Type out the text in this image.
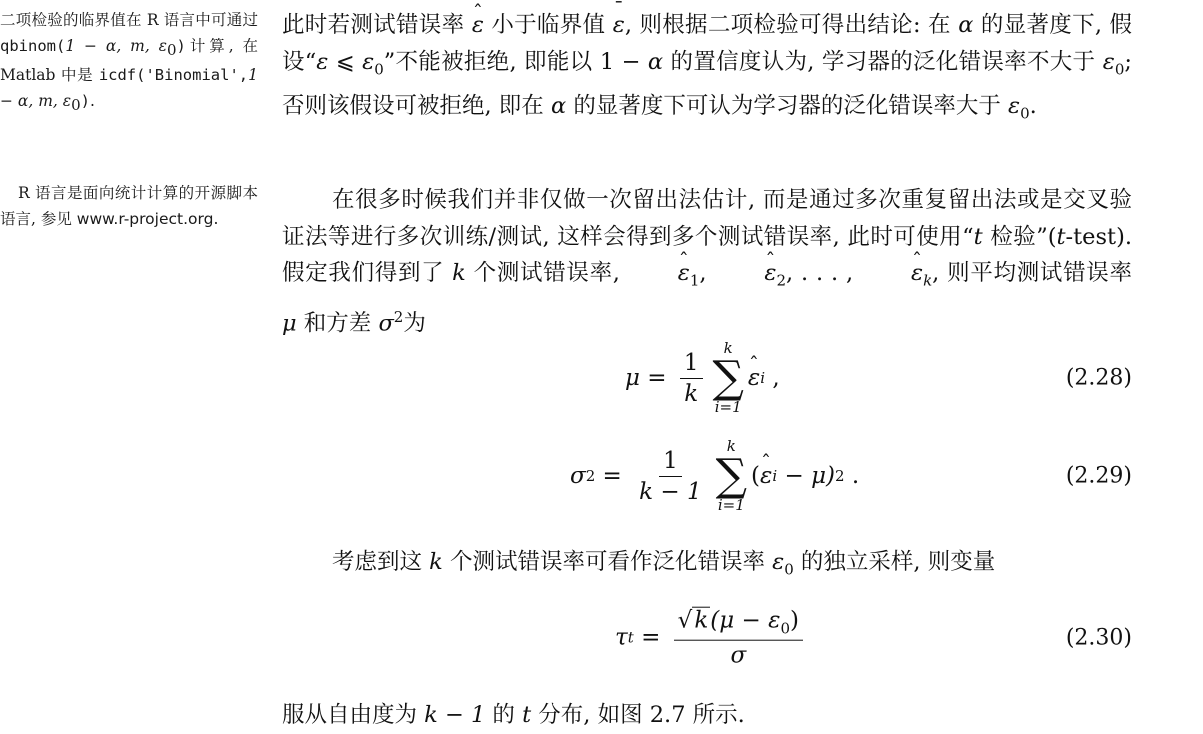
二项检验的临界值在 R 语言中可通过 qbinom(1 − α, m, $\varepsilon_0$)计算, 在 Matlab 中是 icdf('Binomial',1 − α, m, $\varepsilon_0$).
R 语言是面向统计计算的开源脚本语言, 参见 www.r-project.org.
此时若测试错误率 ε ˆ 小于临界值 ε ¯, 则根据二项检验可得出结论: 在 α 的显著度下, 假设“ε ⩽ $\varepsilon_0$”不能被拒绝, 即能以 1 − α 的置信度认为, 学习器的泛化错误率不大于 $\varepsilon_0$; 否则该假设可被拒绝, 即在 α 的显著度下可认为学习器的泛化错误率大于 $\varepsilon_0$.
在很多时候我们并非仅做一次留出法估计, 而是通过多次重复留出法或是交叉验证法等进行多次训练/测试, 这样会得到多个测试错误率, 此时可使用“t 检验”(t-test). 假定我们得到了 k 个测试错误率, ε ˆ$_1$, ε ˆ$_2$, . . . , ε ˆ$_k$, 则平均测试错误率 μ 和方差 $\sigma^2$为
$\mu = \frac{1}{k}$
k
∑
i=1
ε ˆ i ,	(2.28)
σ $2 = \frac{1}{k - 1}$
k
∑
i=1
( ε ˆ i − μ) 2 .	(2.29)
考虑到这 k 个测试错误率可看作泛化错误率 $\varepsilon_0$ 的独立采样, 则变量
τ $t = \frac{√k(\mu - \varepsilon_0)}{\sigma}$	(2.30)
服从自由度为 k − 1 的 t 分布, 如图 2.7 所示.
